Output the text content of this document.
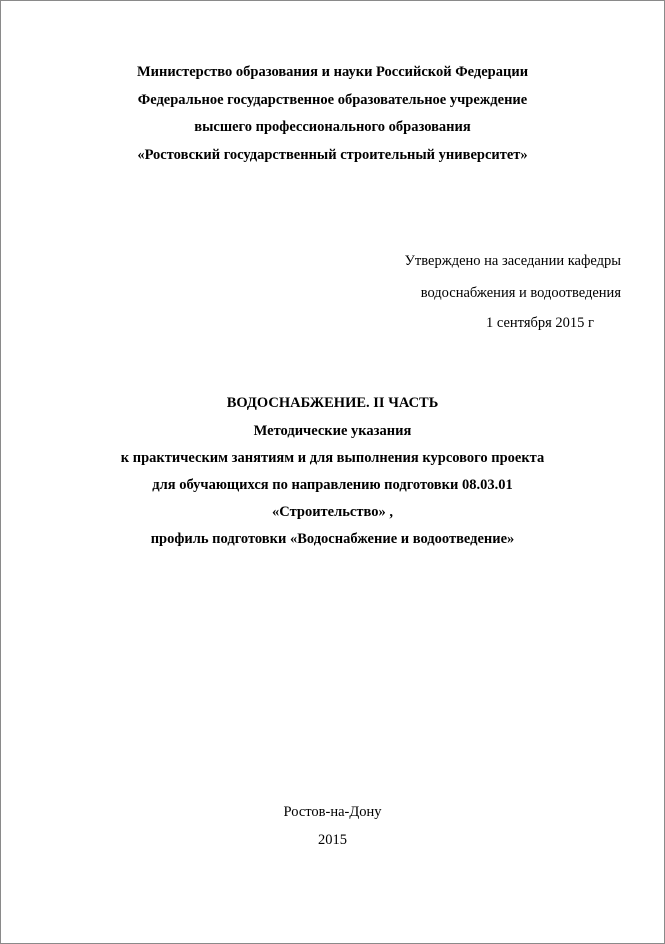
Министерство образования и науки Российской Федерации
Федеральное государственное образовательное учреждение
высшего профессионального образования
«Ростовский государственный строительный университет»
Утверждено на заседании кафедры
водоснабжения и водоотведения
1 сентября 2015 г
ВОДОСНАБЖЕНИЕ. II ЧАСТЬ
Методические указания
к практическим занятиям и для выполнения курсового проекта
для обучающихся по направлению подготовки 08.03.01
«Строительство» ,
профиль подготовки «Водоснабжение и водоотведение»
Ростов-на-Дону
2015
